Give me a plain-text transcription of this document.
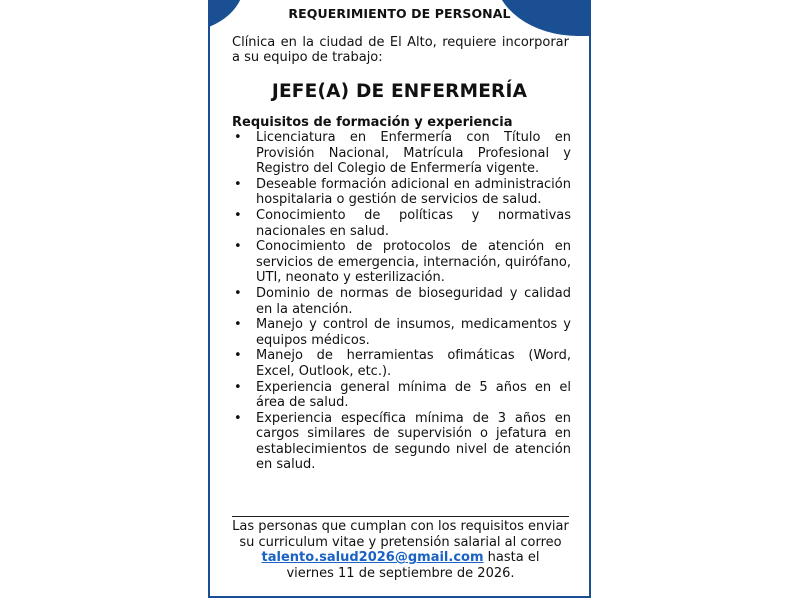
REQUERIMIENTO DE PERSONAL
Clínica en la ciudad de El Alto, requiere incorporar a su equipo de trabajo:
JEFE(A) DE ENFERMERÍA
Requisitos de formación y experiencia
• Licenciatura en Enfermería con Título en Provisión Nacional, Matrícula Profesional y Registro del Colegio de Enfermería vigente.
• Deseable formación adicional en administración hospitalaria o gestión de servicios de salud.
• Conocimiento de políticas y normativas nacionales en salud.
• Conocimiento de protocolos de atención en servicios de emergencia, internación, quirófano, UTI, neonato y esterilización.
• Dominio de normas de bioseguridad y calidad en la atención.
• Manejo y control de insumos, medicamentos y equipos médicos.
• Manejo de herramientas ofimáticas (Word, Excel, Outlook, etc.).
• Experiencia general mínima de 5 años en el área de salud.
• Experiencia específica mínima de 3 años en cargos similares de supervisión o jefatura en establecimientos de segundo nivel de atención en salud.
Las personas que cumplan con los requisitos enviar su curriculum vitae y pretensión salarial al correo
talento.salud2026@gmail.com hasta el
viernes 11 de septiembre de 2026.
